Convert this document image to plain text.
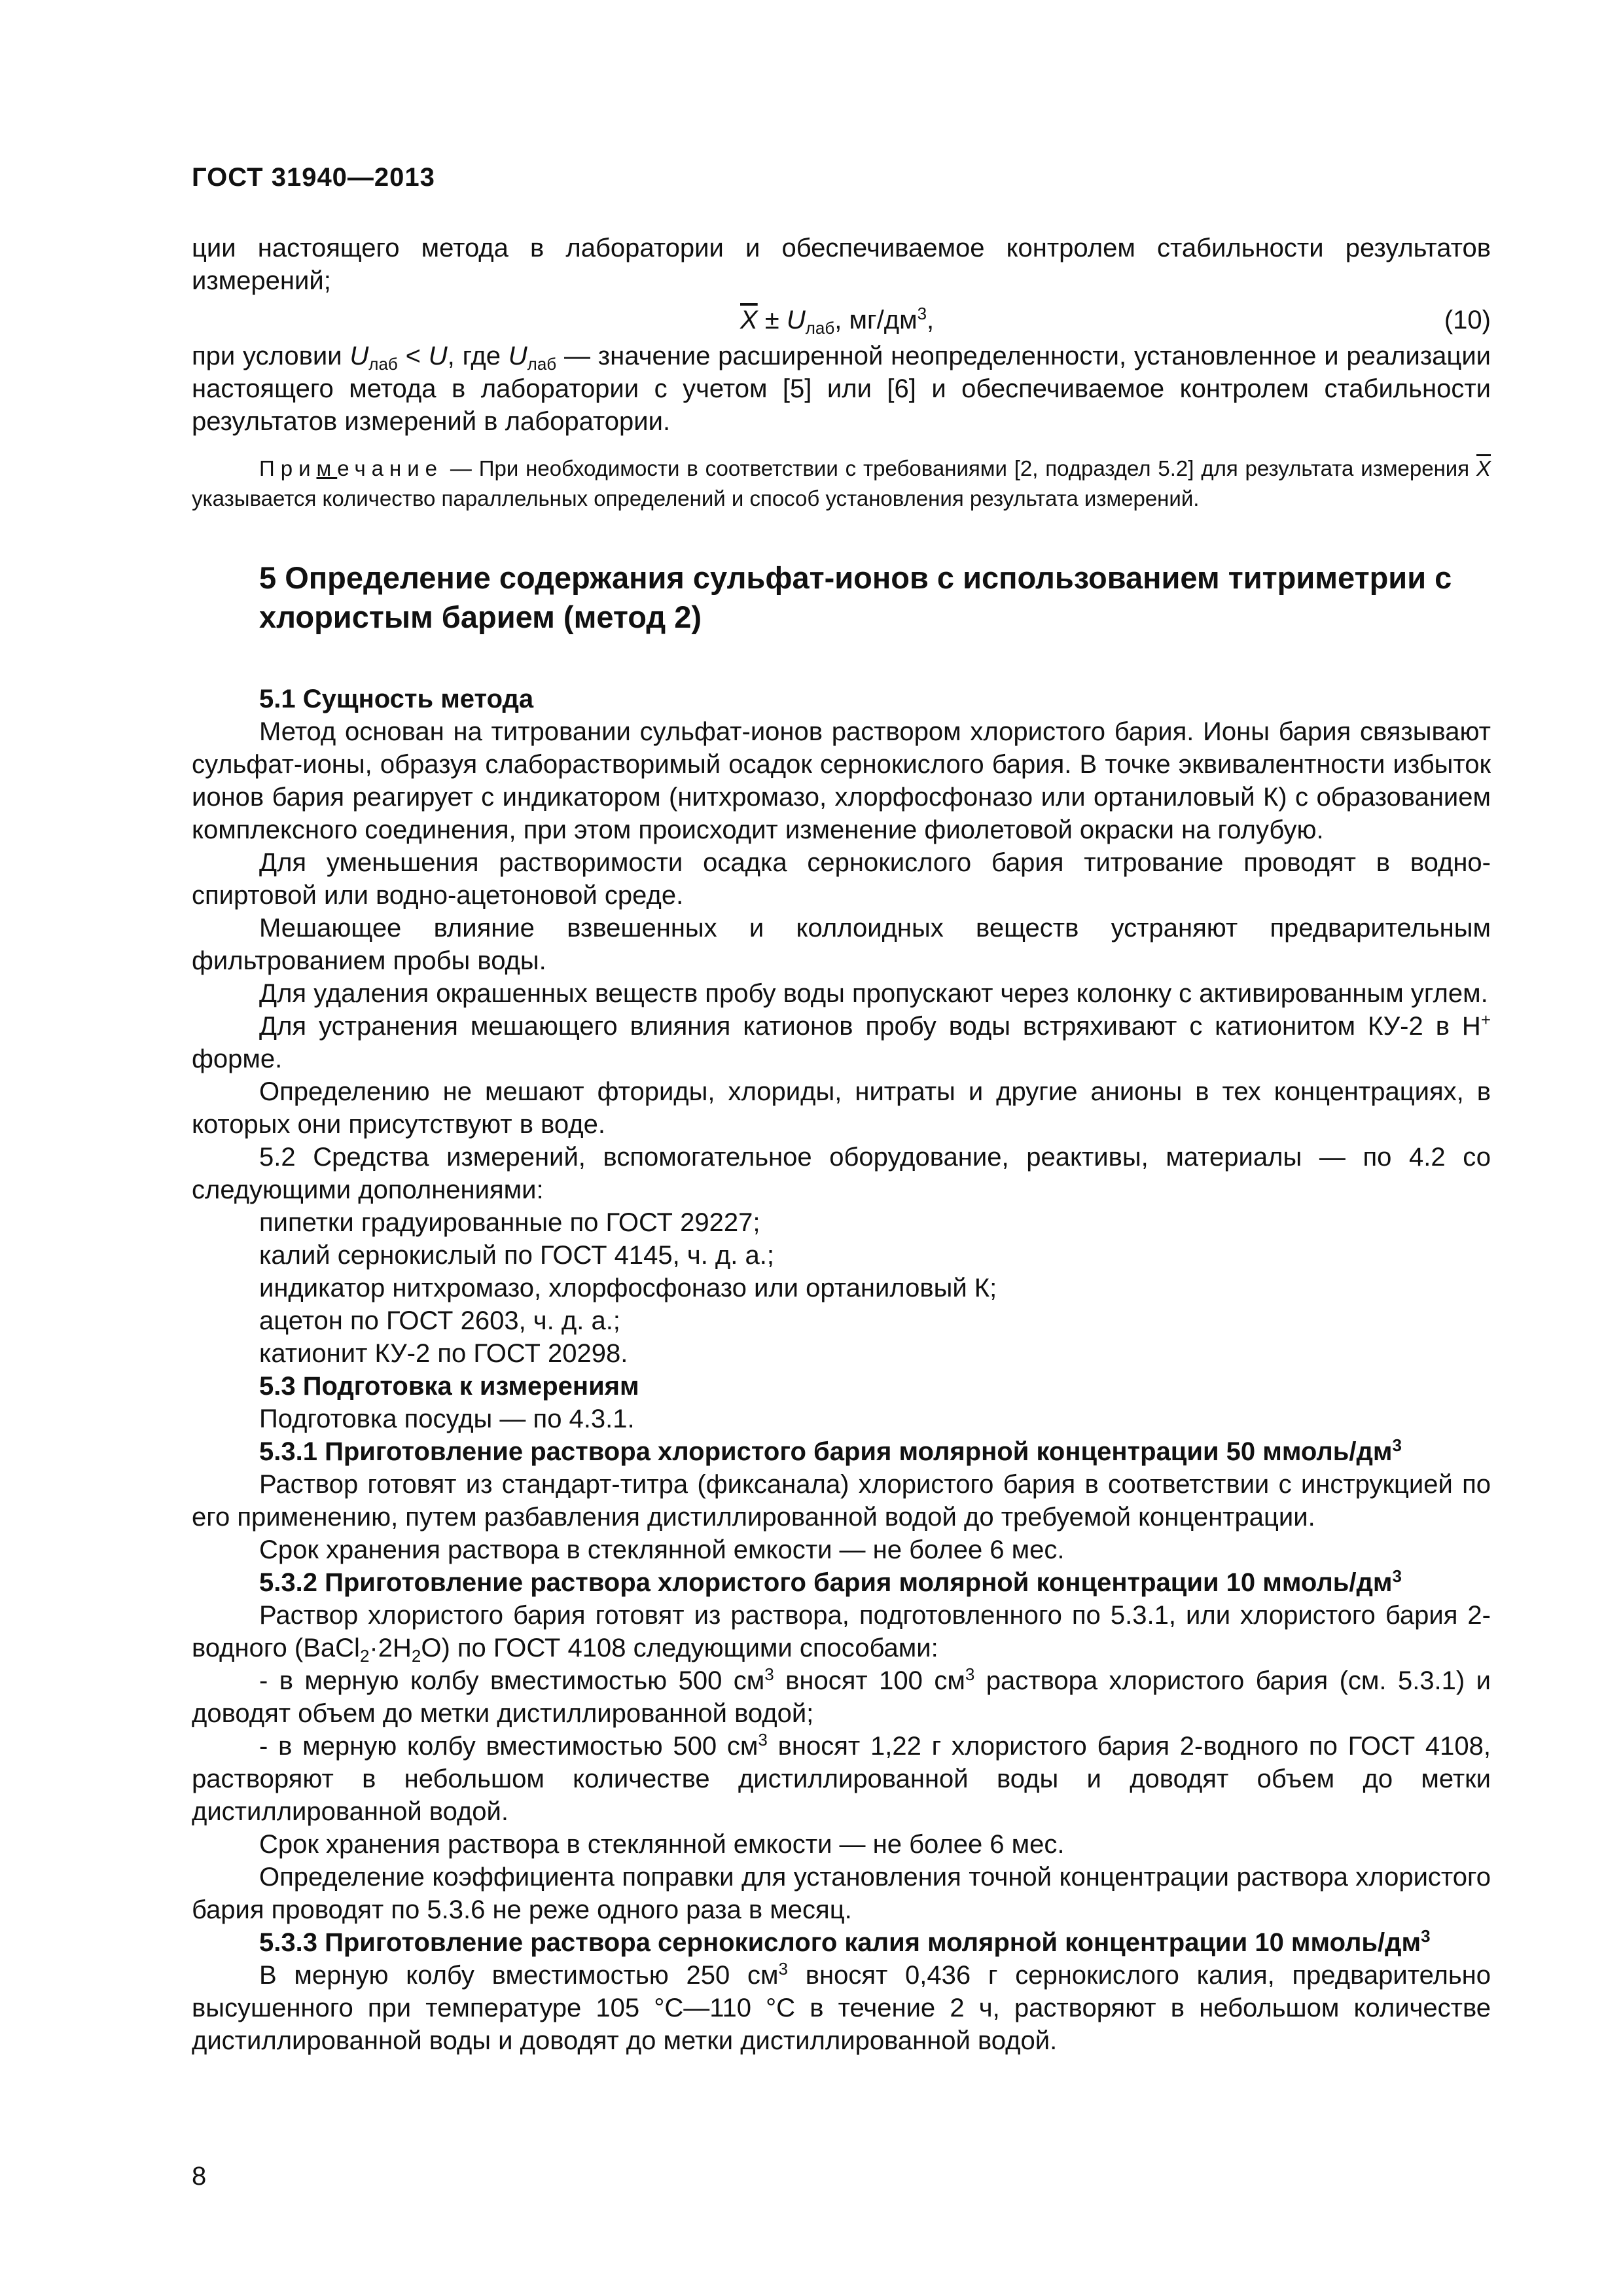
ГОСТ 31940—2013

ции настоящего метода в лаборатории и обеспечиваемое контролем стабильности результатов измерений;

$\overline{X} \pm U_{лаб}$, $мг/дм^3$,	(10)

при условии $U_{лаб} < U$, где $U_{лаб}$ — значение расширенной неопределенности, установленное и реализации настоящего метода в лаборатории с учетом [5] или [6] и обеспечиваемое контролем стабильности результатов измерений в лаборатории.

Примечание — При необходимости в соответствии с требованиями [2, подраздел 5.2] для результата измерения $\overline{X}$ указывается количество параллельных определений и способ установления результата измерений.

5 Определение содержания сульфат-ионов с использованием титриметрии с хлористым барием (метод 2)
5.1 Сущность метода

Метод основан на титровании сульфат-ионов раствором хлористого бария. Ионы бария связывают сульфат-ионы, образуя слаборастворимый осадок сернокислого бария. В точке эквивалентности избыток ионов бария реагирует с индикатором (нитхромазо, хлорфосфоназо или ортаниловый К) с образованием комплексного соединения, при этом происходит изменение фиолетовой окраски на голубую.

Для уменьшения растворимости осадка сернокислого бария титрование проводят в водно-спиртовой или водно-ацетоновой среде.

Мешающее влияние взвешенных и коллоидных веществ устраняют предварительным фильтрованием пробы воды.

Для удаления окрашенных веществ пробу воды пропускают через колонку с активированным углем.

Для устранения мешающего влияния катионов пробу воды встряхивают с катионитом КУ-2 в Н+ форме.

Определению не мешают фториды, хлориды, нитраты и другие анионы в тех концентрациях, в которых они присутствуют в воде.

5.2 Средства измерений, вспомогательное оборудование, реактивы, материалы — по 4.2 со следующими дополнениями:

пипетки градуированные по ГОСТ 29227;

калий сернокислый по ГОСТ 4145, ч. д. а.;

индикатор нитхромазо, хлорфосфоназо или ортаниловый К;

ацетон по ГОСТ 2603, ч. д. а.;

катионит КУ-2 по ГОСТ 20298.

5.3 Подготовка к измерениям

Подготовка посуды — по 4.3.1.

5.3.1 Приготовление раствора хлористого бария молярной концентрации 50 ммоль/$дм^3$

Раствор готовят из стандарт-титра (фиксанала) хлористого бария в соответствии с инструкцией по его применению, путем разбавления дистиллированной водой до требуемой концентрации.

Срок хранения раствора в стеклянной емкости — не более 6 мес.

5.3.2 Приготовление раствора хлористого бария молярной концентрации 10 ммоль/$дм^3$

Раствор хлористого бария готовят из раствора, подготовленного по 5.3.1, или хлористого бария 2-водного $(BaCl_2\cdot 2H_2O)$ по ГОСТ 4108 следующими способами:

- в мерную колбу вместимостью 500 $см^3$ вносят 100 $см^3$ раствора хлористого бария (см. 5.3.1) и доводят объем до метки дистиллированной водой;

- в мерную колбу вместимостью 500 $см^3$ вносят 1,22 г хлористого бария 2-водного по ГОСТ 4108, растворяют в небольшом количестве дистиллированной воды и доводят объем до метки дистиллированной водой.

Срок хранения раствора в стеклянной емкости — не более 6 мес.

Определение коэффициента поправки для установления точной концентрации раствора хлористого бария проводят по 5.3.6 не реже одного раза в месяц.

5.3.3 Приготовление раствора сернокислого калия молярной концентрации 10 ммоль/$дм^3$

В мерную колбу вместимостью 250 $см^3$ вносят 0,436 г сернокислого калия, предварительно высушенного при температуре 105 °С—110 °С в течение 2 ч, растворяют в небольшом количестве дистиллированной воды и доводят до метки дистиллированной водой.

8
